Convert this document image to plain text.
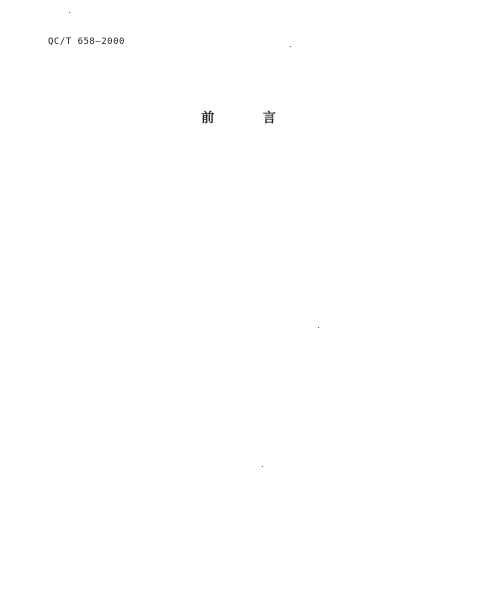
QC/T 658—2000
前 言
